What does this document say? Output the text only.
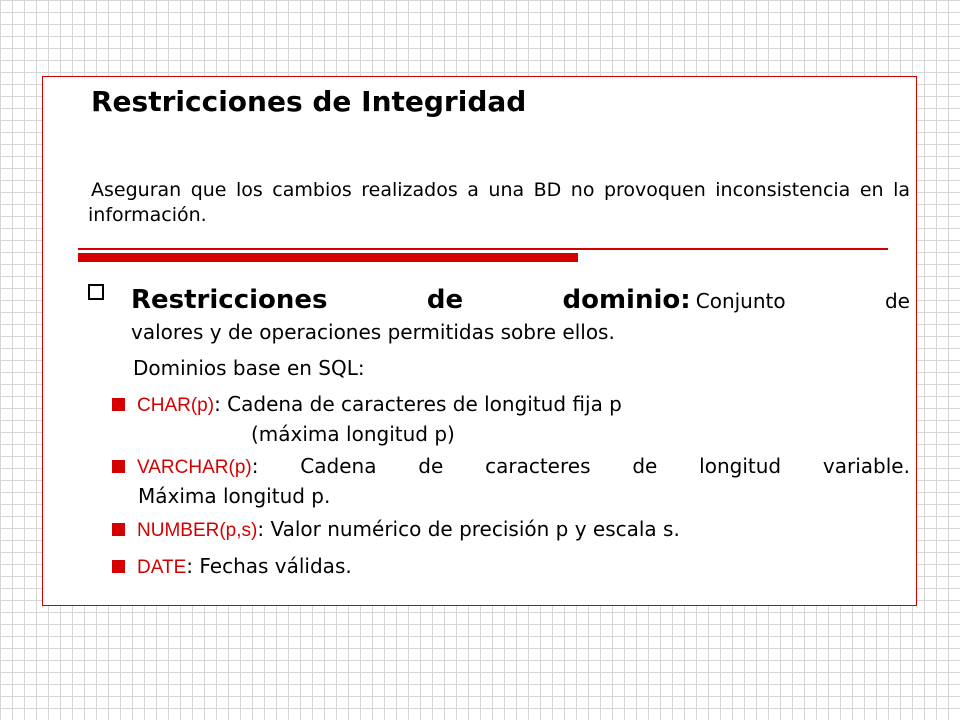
Restricciones de Integridad
Aseguran que los cambios realizados a una BD no provoquen inconsistencia en la información.
Restricciones	de	dominio: Conjunto	de
valores y de operaciones permitidas sobre ellos.
Dominios base en SQL:
CHAR(p): Cadena de caracteres de longitud fija p
(máxima longitud p)
VARCHAR(p): Cadena de caracteres de longitud variable.
Máxima longitud p.
NUMBER(p,s): Valor numérico de precisión p y escala s.
DATE: Fechas válidas.
